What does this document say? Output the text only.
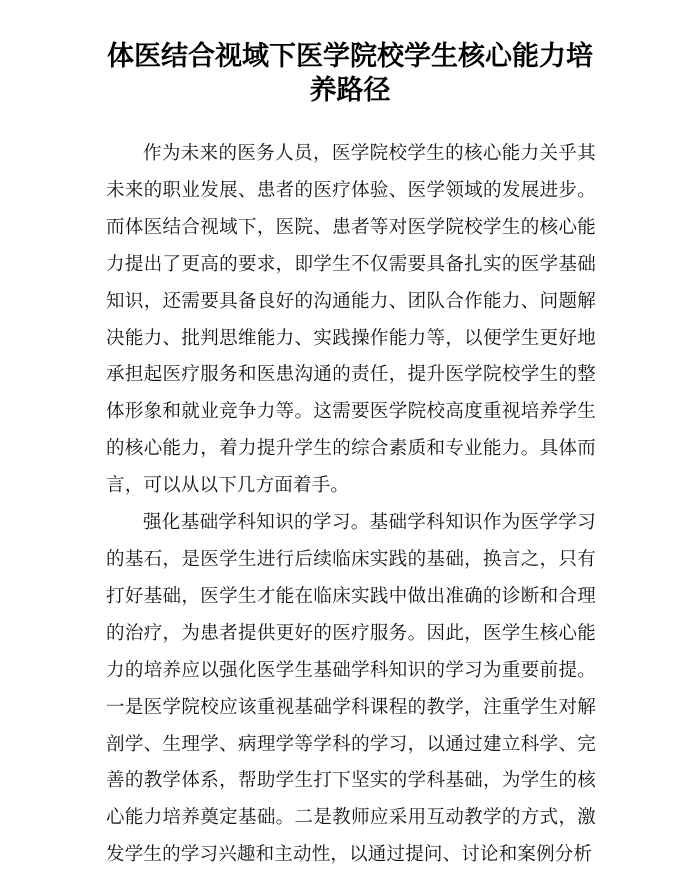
体医结合视域下医学院校学生核心能力培养路径

作为未来的医务人员，医学院校学生的核心能力关乎其未来的职业发展、患者的医疗体验、医学领域的发展进步。而体医结合视域下，医院、患者等对医学院校学生的核心能力提出了更高的要求，即学生不仅需要具备扎实的医学基础知识，还需要具备良好的沟通能力、团队合作能力、问题解决能力、批判思维能力、实践操作能力等，以便学生更好地承担起医疗服务和医患沟通的责任，提升医学院校学生的整体形象和就业竞争力等。这需要医学院校高度重视培养学生的核心能力，着力提升学生的综合素质和专业能力。具体而言，可以从以下几方面着手。

强化基础学科知识的学习。基础学科知识作为医学学习的基石，是医学生进行后续临床实践的基础，换言之，只有打好基础，医学生才能在临床实践中做出准确的诊断和合理的治疗，为患者提供更好的医疗服务。因此，医学生核心能力的培养应以强化医学生基础学科知识的学习为重要前提。一是医学院校应该重视基础学科课程的教学，注重学生对解剖学、生理学、病理学等学科的学习，以通过建立科学、完善的教学体系，帮助学生打下坚实的学科基础，为学生的核心能力培养奠定基础。二是教师应采用互动教学的方式，激发学生的学习兴趣和主动性，以通过提问、讨论和案例分析
